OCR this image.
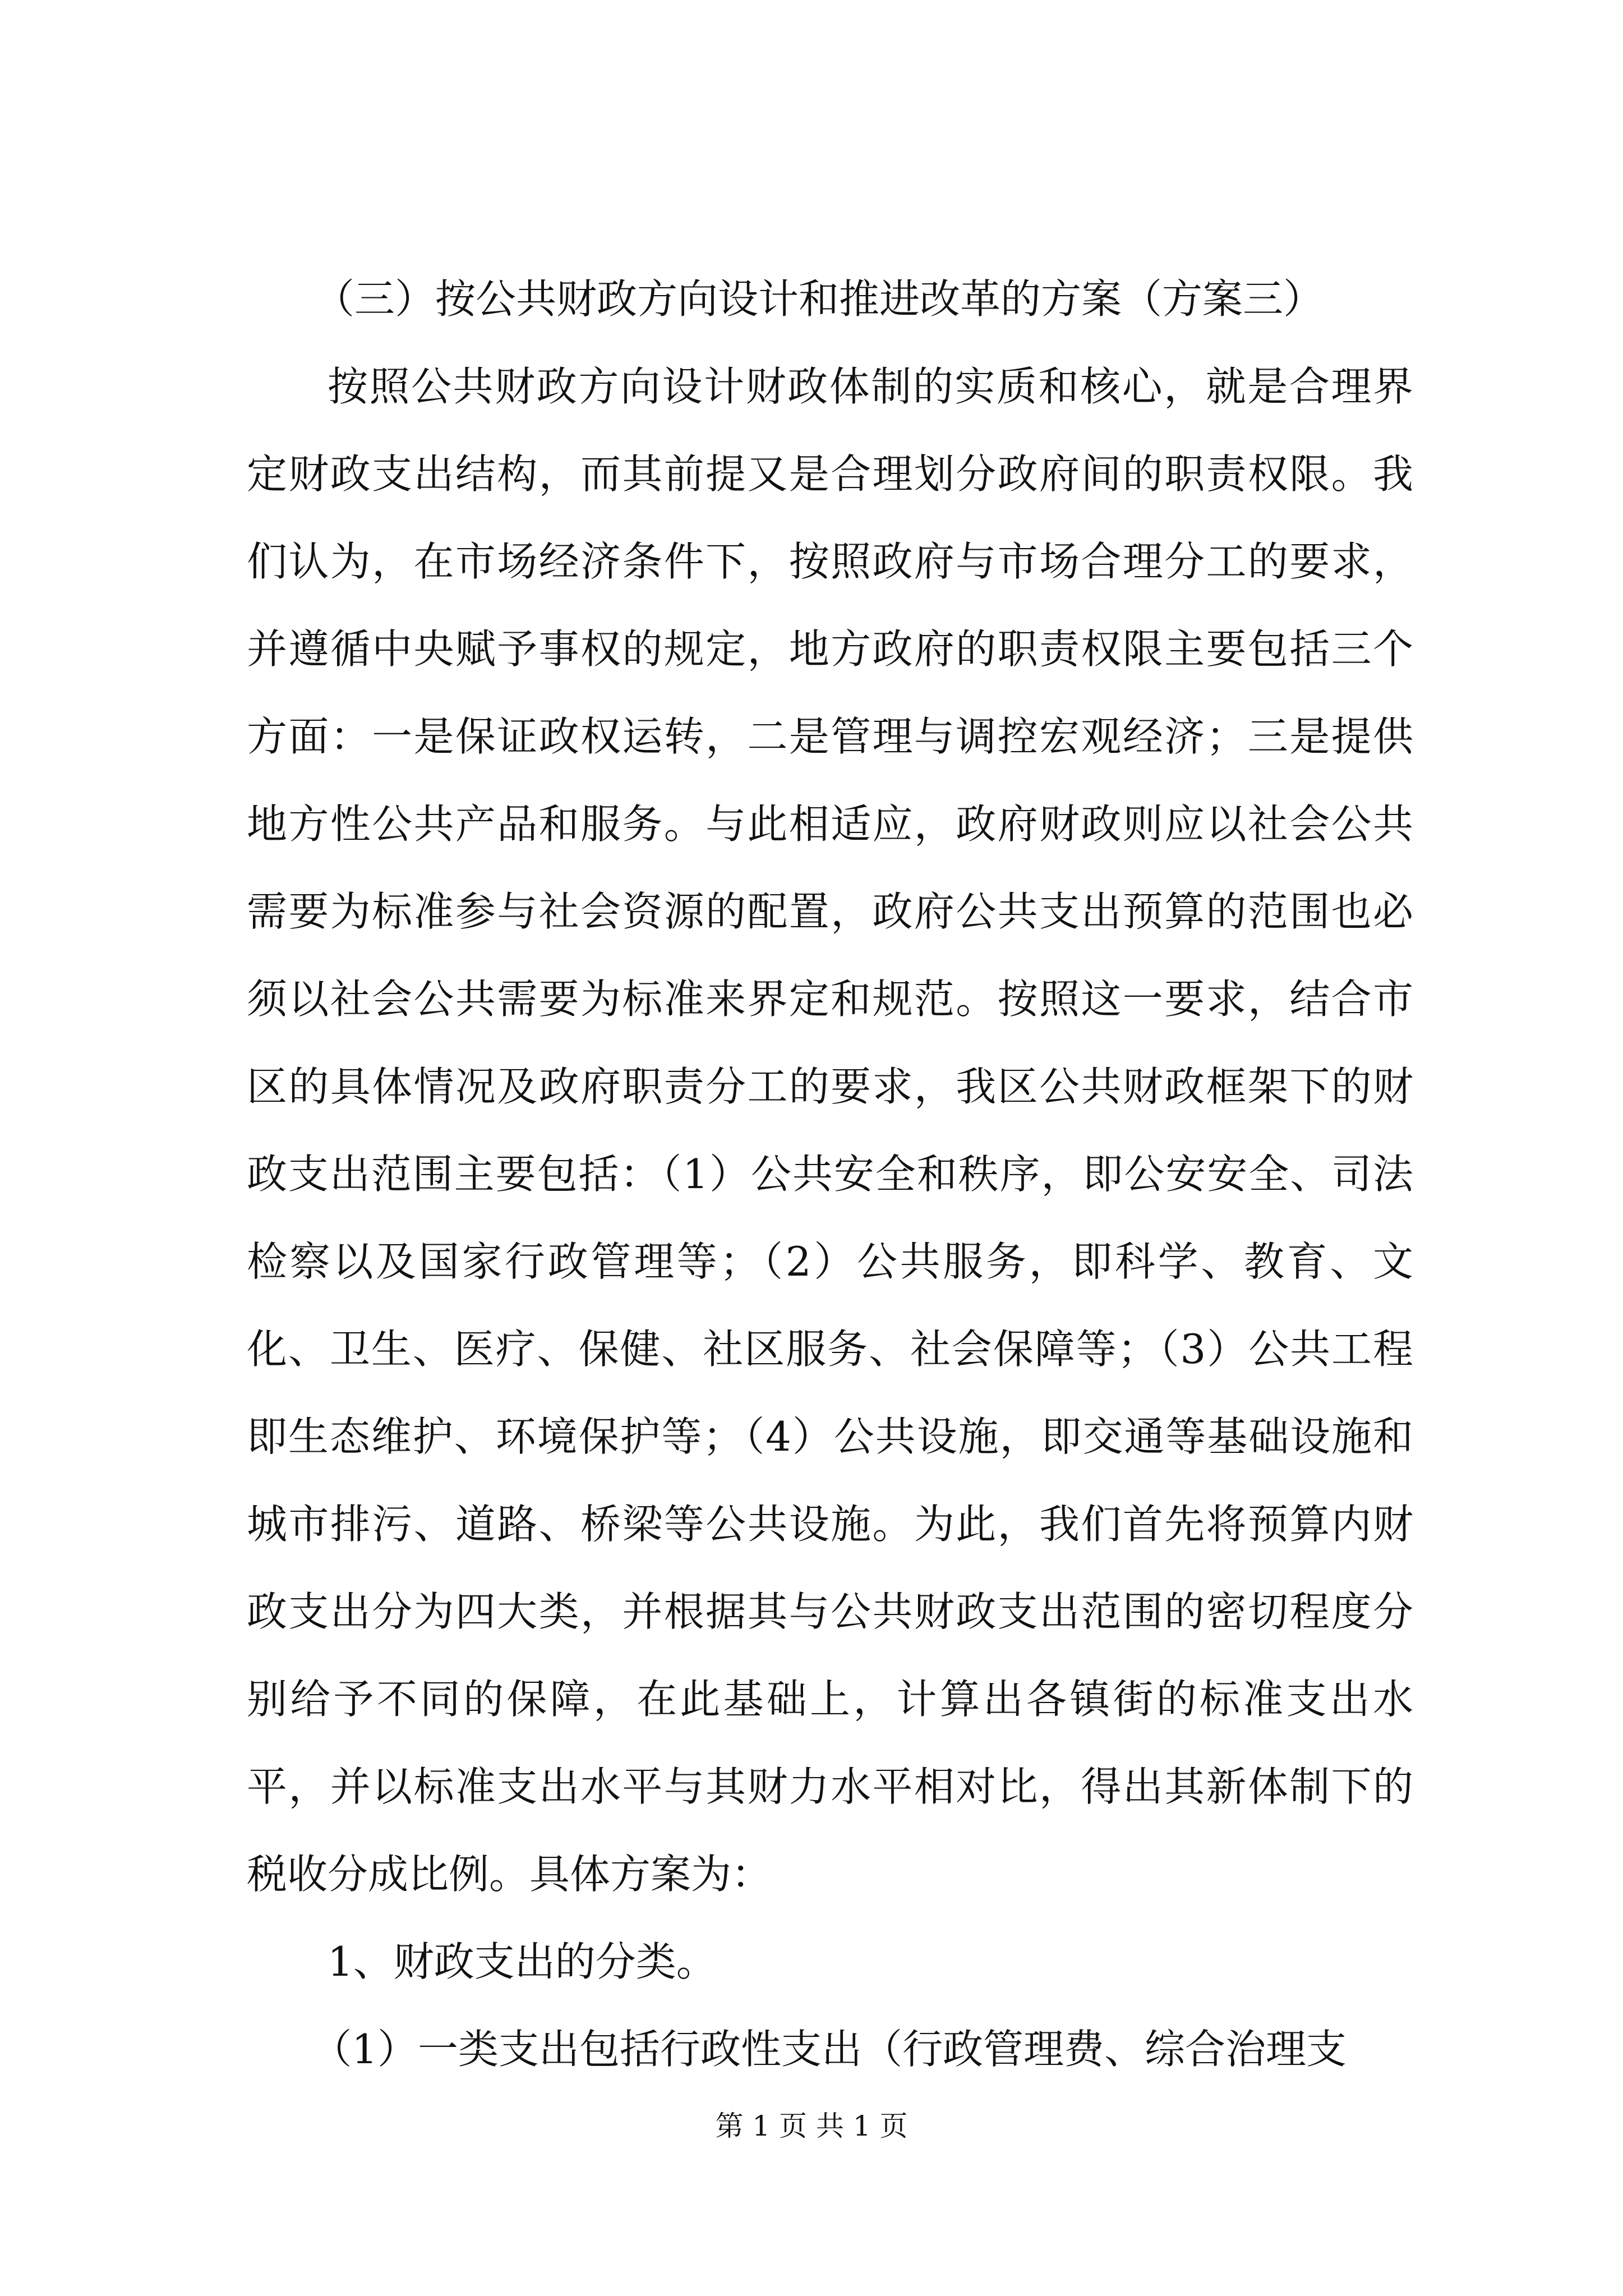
（三）按公共财政方向设计和推进改革的方案（方案三）

按照公共财政方向设计财政体制的实质和核心，就是合理界定财政支出结构，而其前提又是合理划分政府间的职责权限。我们认为，在市场经济条件下，按照政府与市场合理分工的要求，并遵循中央赋予事权的规定，地方政府的职责权限主要包括三个方面：一是保证政权运转，二是管理与调控宏观经济；三是提供地方性公共产品和服务。与此相适应，政府财政则应以社会公共需要为标准参与社会资源的配置，政府公共支出预算的范围也必须以社会公共需要为标准来界定和规范。按照这一要求，结合市区的具体情况及政府职责分工的要求，我区公共财政框架下的财政支出范围主要包括：（1）公共安全和秩序，即公安安全、司法检察以及国家行政管理等；（2）公共服务，即科学、教育、文化、卫生、医疗、保健、社区服务、社会保障等；（3）公共工程即生态维护、环境保护等；（4）公共设施，即交通等基础设施和城市排污、道路、桥梁等公共设施。为此，我们首先将预算内财政支出分为四大类，并根据其与公共财政支出范围的密切程度分别给予不同的保障，在此基础上，计算出各镇街的标准支出水平，并以标准支出水平与其财力水平相对比，得出其新体制下的税收分成比例。具体方案为：

1、财政支出的分类。

（1）一类支出包括行政性支出（行政管理费、综合治理支

第 1 页 共 1 页
